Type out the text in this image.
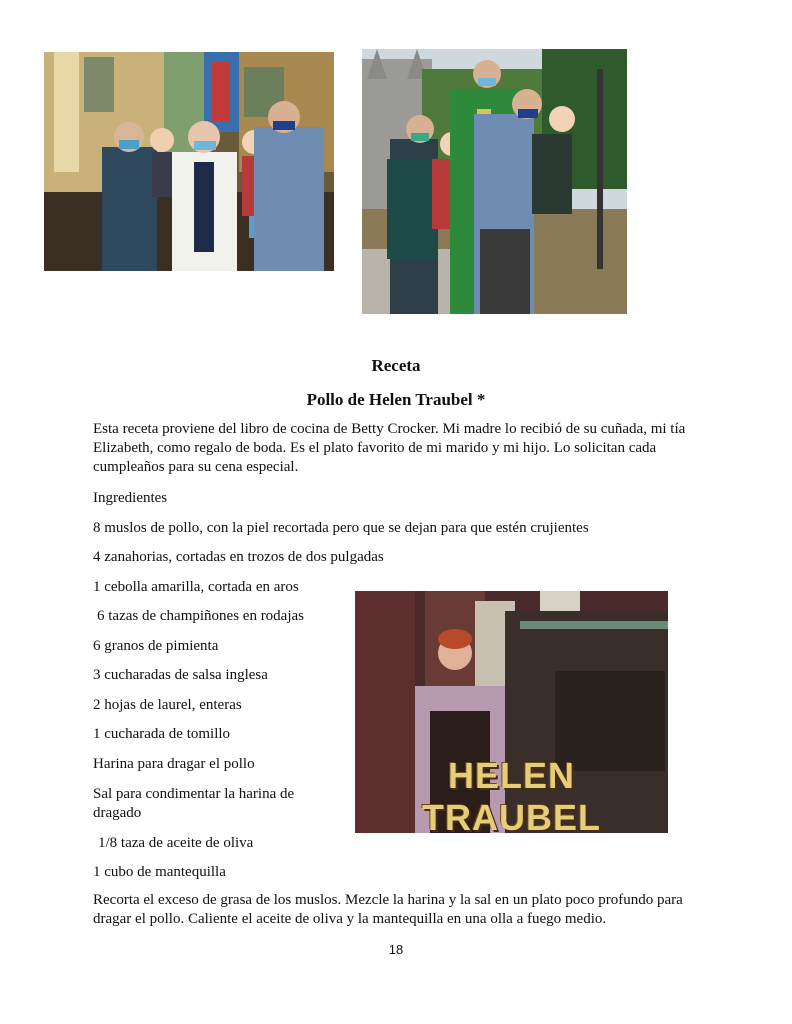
HELEN TRAUBEL
Receta
Pollo de Helen Traubel *

Esta receta proviene del libro de cocina de Betty Crocker. Mi madre lo recibió de su cuñada, mi tía Elizabeth, como regalo de boda. Es el plato favorito de mi marido y mi hijo. Lo solicitan cada cumpleaños para su cena especial.

Ingredientes

8 muslos de pollo, con la piel recortada pero que se dejan para que estén crujientes

4 zanahorias, cortadas en trozos de dos pulgadas

1 cebolla amarilla, cortada en aros

6 tazas de champiñones en rodajas

6 granos de pimienta

3 cucharadas de salsa inglesa

2 hojas de laurel, enteras

1 cucharada de tomillo

Harina para dragar el pollo

Sal para condimentar la harina de dragado

1/8 taza de aceite de oliva

1 cubo de mantequilla

Recorta el exceso de grasa de los muslos. Mezcle la harina y la sal en un plato poco profundo para dragar el pollo. Caliente el aceite de oliva y la mantequilla en una olla a fuego medio.

18
